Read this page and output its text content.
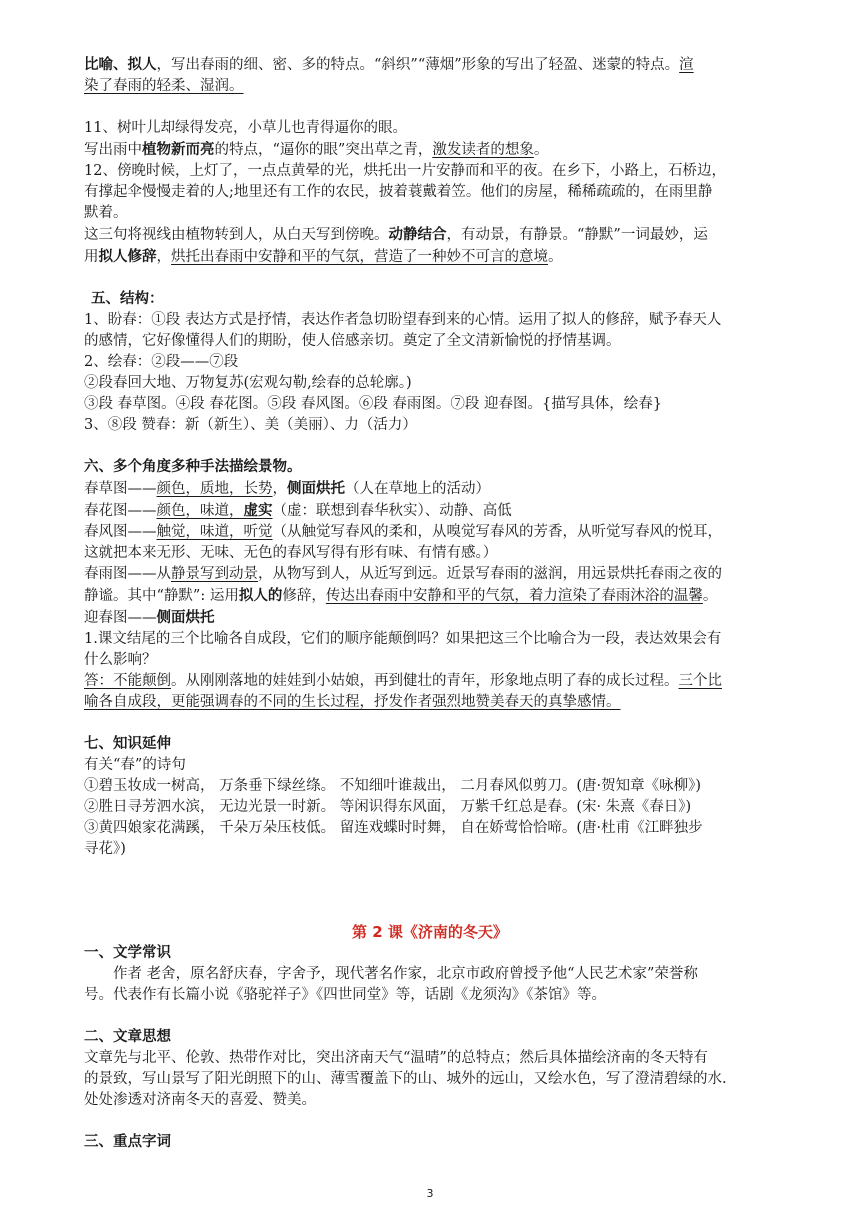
比喻、拟人，写出春雨的细、密、多的特点。“斜织”“薄烟”形象的写出了轻盈、迷蒙的特点。渲

染了春雨的轻柔、湿润。

11、树叶儿却绿得发亮，小草儿也青得逼你的眼。

写出雨中植物新而亮的特点，“逼你的眼”突出草之青，激发读者的想象。

12、傍晚时候，上灯了，一点点黄晕的光，烘托出一片安静而和平的夜。在乡下，小路上，石桥边，

有撑起伞慢慢走着的人;地里还有工作的农民，披着蓑戴着笠。他们的房屋，稀稀疏疏的，在雨里静

默着。

这三句将视线由植物转到人，从白天写到傍晚。动静结合，有动景，有静景。“静默”一词最妙，运

用拟人修辞，烘托出春雨中安静和平的气氛，营造了一种妙不可言的意境。

五、结构：

1、盼春：①段 表达方式是抒情，表达作者急切盼望春到来的心情。运用了拟人的修辞，赋予春天人

的感情，它好像懂得人们的期盼，使人倍感亲切。奠定了全文清新愉悦的抒情基调。

2、绘春：②段——⑦段

②段春回大地、万物复苏(宏观勾勒,绘春的总轮廓。)

③段 春草图。④段 春花图。⑤段 春风图。⑥段 春雨图。⑦段 迎春图。{描写具体，绘春}

3、⑧段 赞春：新（新生）、美（美丽）、力（活力）

六、多个角度多种手法描绘景物。

春草图——颜色，质地，长势，侧面烘托（人在草地上的活动）

春花图——颜色，味道，虚实（虚：联想到春华秋实）、动静、高低

春风图——触觉，味道，听觉（从触觉写春风的柔和，从嗅觉写春风的芳香，从听觉写春风的悦耳，

这就把本来无形、无味、无色的春风写得有形有味、有情有感。）

春雨图——从静景写到动景，从物写到人，从近写到远。近景写春雨的滋润，用远景烘托春雨之夜的

静谧。其中“静默”: 运用拟人的修辞，传达出春雨中安静和平的气氛，着力渲染了春雨沐浴的温馨。

迎春图——侧面烘托

1.课文结尾的三个比喻各自成段，它们的顺序能颠倒吗？如果把这三个比喻合为一段，表达效果会有

什么影响？

答：不能颠倒。从刚刚落地的娃娃到小姑娘，再到健壮的青年，形象地点明了春的成长过程。三个比

喻各自成段，更能强调春的不同的生长过程，抒发作者强烈地赞美春天的真挚感情。

七、知识延伸

有关“春”的诗句

①碧玉妆成一树高， 万条垂下绿丝绦。 不知细叶谁裁出， 二月春风似剪刀。(唐·贺知章《咏柳》)

②胜日寻芳泗水滨， 无边光景一时新。 等闲识得东风面， 万紫千红总是春。(宋· 朱熹《春日》)

③黄四娘家花满蹊， 千朵万朵压枝低。 留连戏蝶时时舞， 自在娇莺恰恰啼。(唐·杜甫《江畔独步

寻花》)

第 2 课《济南的冬天》

一、文学常识

作者 老舍，原名舒庆春，字舍予，现代著名作家，北京市政府曾授予他“人民艺术家”荣誉称

号。代表作有长篇小说《骆驼祥子》《四世同堂》等，话剧《龙须沟》《茶馆》等。

二、文章思想

文章先与北平、伦敦、热带作对比，突出济南天气“温晴”的总特点；然后具体描绘济南的冬天特有

的景致，写山景写了阳光朗照下的山、薄雪覆盖下的山、城外的远山，又绘水色，写了澄清碧绿的水.

处处渗透对济南冬天的喜爱、赞美。

三、重点字词

3
